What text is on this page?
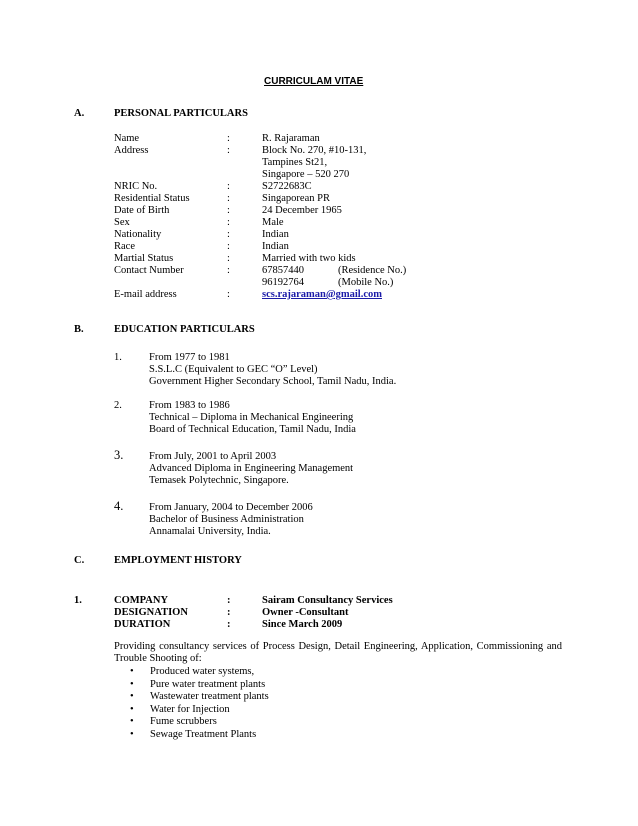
CURRICULAM VITAE
A.	PERSONAL PARTICULARS
Name	:	R. Rajaraman
Address	:	Block No. 270, #10-131,
Tampines St21,
Singapore – 520 270
NRIC No.	:	S2722683C
Residential Status	:	Singaporean PR
Date of Birth	:	24 December 1965
Sex	:	Male
Nationality	:	Indian
Race	:	Indian
Martial Status	:	Married with two kids
Contact Number	:	67857440	(Residence No.)
96192764	(Mobile No.)
E-mail address	:	scs.rajaraman@gmail.com
B.	EDUCATION PARTICULARS
1.	From 1977 to 1981
S.S.L.C (Equivalent to GEC “O” Level)
Government Higher Secondary School, Tamil Nadu, India.
2.	From 1983 to 1986
Technical – Diploma in Mechanical Engineering
Board of Technical Education, Tamil Nadu, India
3. From July, 2001 to April 2003
Advanced Diploma in Engineering Management
Temasek Polytechnic, Singapore.
4. From January, 2004 to December 2006
Bachelor of Business Administration
Annamalai University, India.
C.	EMPLOYMENT HISTORY
1.	COMPANY	:	Sairam Consultancy Services
DESIGNATION	:	Owner -Consultant
DURATION	:	Since March 2009
Providing consultancy services of Process Design, Detail Engineering, Application, Commissioning and Trouble Shooting of:
• Produced water systems,
• Pure water treatment plants
• Wastewater treatment plants
• Water for Injection
• Fume scrubbers
• Sewage Treatment Plants
